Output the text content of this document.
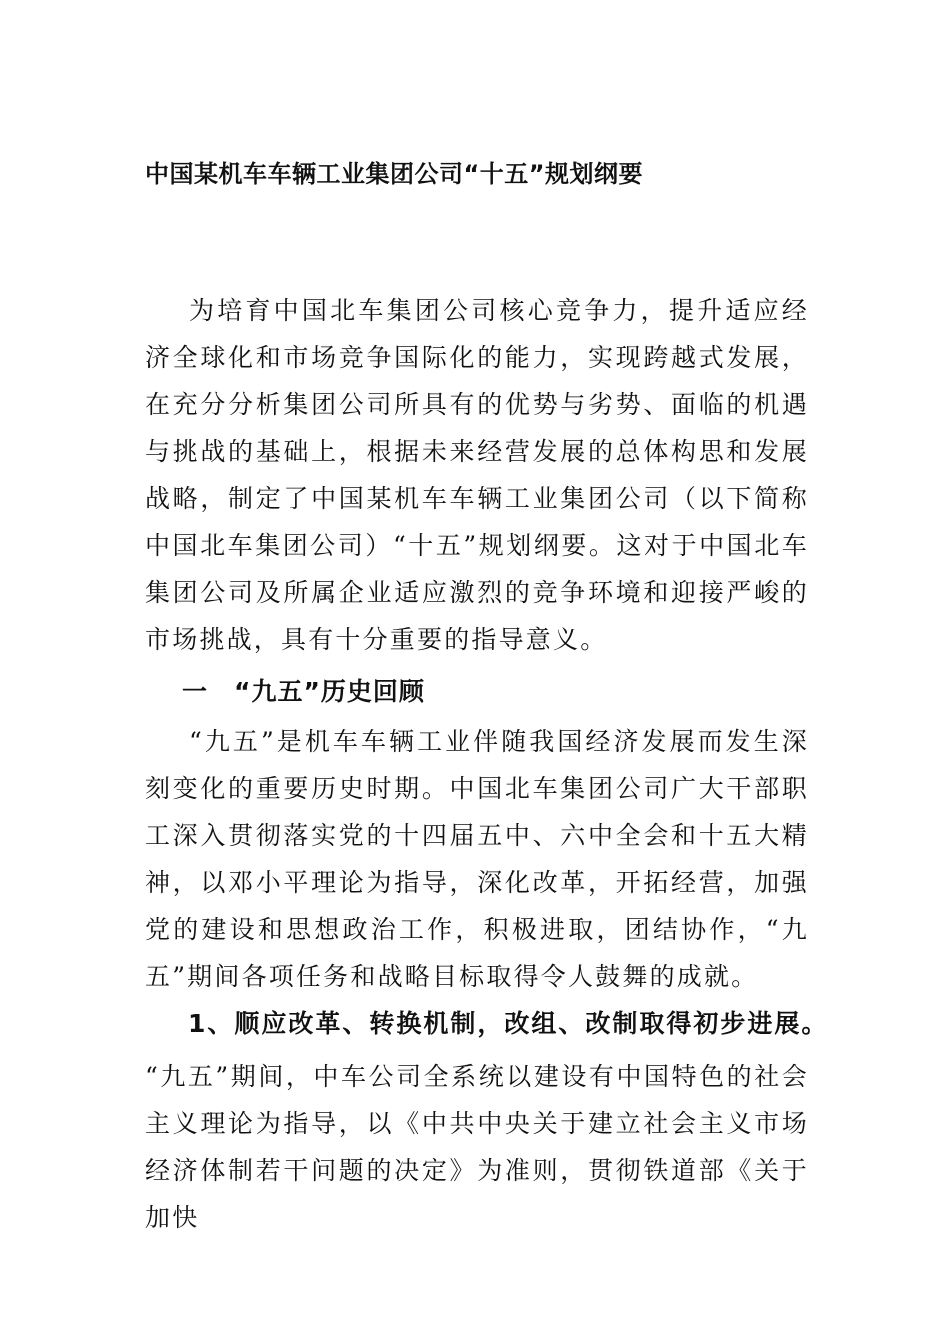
中国某机车车辆工业集团公司“十五”规划纲要
为培育中国北车集团公司核心竞争力，提升适应经济全球化和市场竞争国际化的能力，实现跨越式发展，在充分分析集团公司所具有的优势与劣势、面临的机遇与挑战的基础上，根据未来经营发展的总体构思和发展战略，制定了中国某机车车辆工业集团公司（以下简称中国北车集团公司）“十五”规划纲要。这对于中国北车集团公司及所属企业适应激烈的竞争环境和迎接严峻的市场挑战，具有十分重要的指导意义。
一 “九五”历史回顾
“九五”是机车车辆工业伴随我国经济发展而发生深刻变化的重要历史时期。中国北车集团公司广大干部职工深入贯彻落实党的十四届五中、六中全会和十五大精神，以邓小平理论为指导，深化改革，开拓经营，加强党的建设和思想政治工作，积极进取，团结协作，“九五”期间各项任务和战略目标取得令人鼓舞的成就。
1、顺应改革、转换机制，改组、改制取得初步进展。
“九五”期间，中车公司全系统以建设有中国特色的社会主义理论为指导，以《中共中央关于建立社会主义市场经济体制若干问题的决定》为准则，贯彻铁道部《关于加快
